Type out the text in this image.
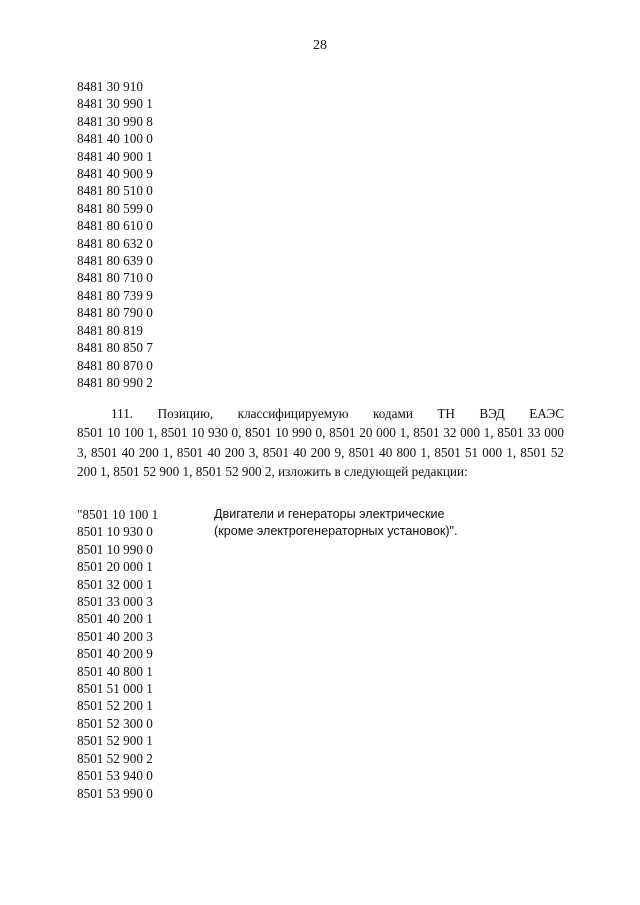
28
8481 30 910
8481 30 990 1
8481 30 990 8
8481 40 100 0
8481 40 900 1
8481 40 900 9
8481 80 510 0
8481 80 599 0
8481 80 610 0
8481 80 632 0
8481 80 639 0
8481 80 710 0
8481 80 739 9
8481 80 790 0
8481 80 819
8481 80 850 7
8481 80 870 0
8481 80 990 2
111. Позицию, классифицируемую кодами ТН ВЭД ЕАЭС
8501 10 100 1, 8501 10 930 0, 8501 10 990 0, 8501 20 000 1, 8501 32 000 1, 8501 33 000 3, 8501 40 200 1, 8501 40 200 3, 8501 40 200 9, 8501 40 800 1, 8501 51 000 1, 8501 52 200 1, 8501 52 900 1, 8501 52 900 2, изложить в следующей редакции:
"8501 10 100 1
8501 10 930 0
8501 10 990 0
8501 20 000 1
8501 32 000 1
8501 33 000 3
8501 40 200 1
8501 40 200 3
8501 40 200 9
8501 40 800 1
8501 51 000 1
8501 52 200 1
8501 52 300 0
8501 52 900 1
8501 52 900 2
8501 53 940 0
8501 53 990 0
Двигатели и генераторы электрические
(кроме электрогенераторных установок)".
